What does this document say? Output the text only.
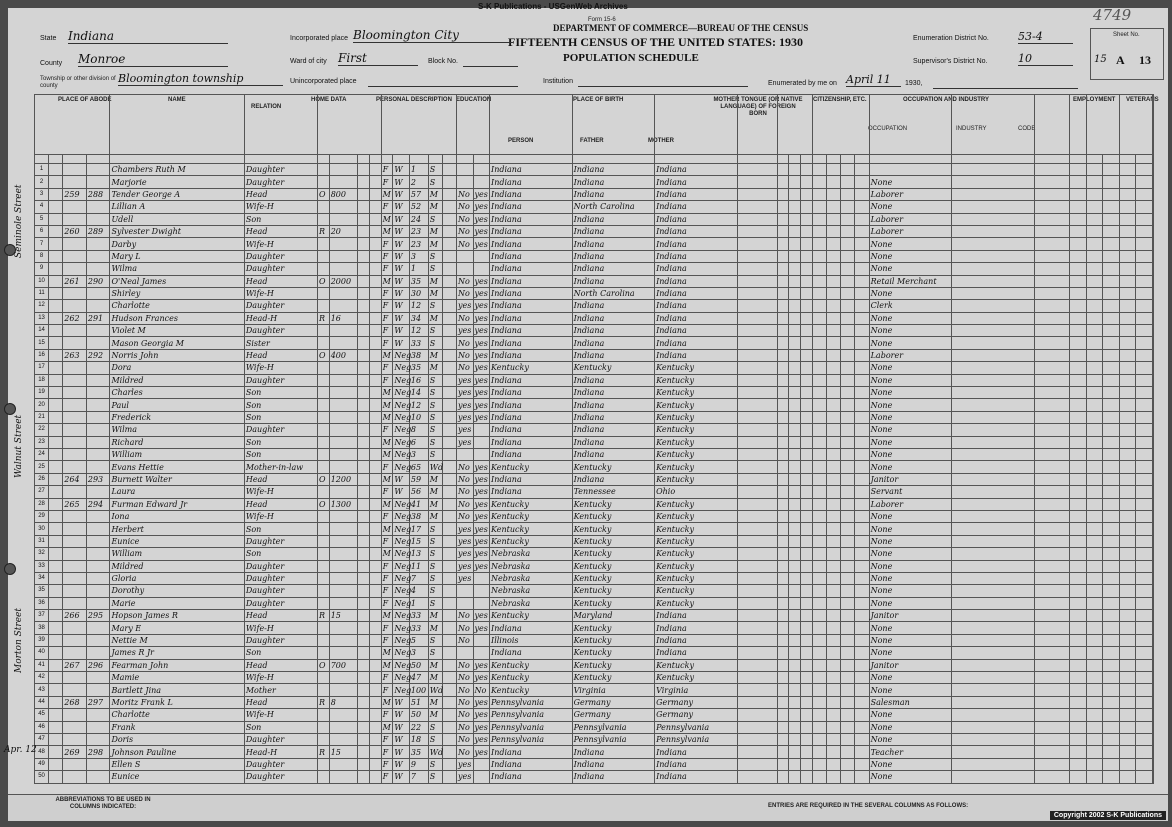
S-K Publications - USGenWeb Archives
Form 15-6
DEPARTMENT OF COMMERCE—BUREAU OF THE CENSUS
FIFTEENTH CENSUS OF THE UNITED STATES: 1930
POPULATION SCHEDULE
4749
State Indiana
County Monroe
Township or other division of county
Bloomington township
Incorporated place Bloomington City
Ward of city First	Block No.
Unincorporated place	Institution
Enumeration District No.	53-4
Supervisor's District No.	10
Enumerated by me on April 11	1930,
Sheet No.
15 A 13
PLACE OF ABODE	NAME
RELATION
HOME DATA	PERSONAL DESCRIPTION EDUCATION	PLACE OF BIRTH	MOTHER TONGUE (OR NATIVE LANGUAGE) OF FOREIGN BORN
CITIZENSHIP, ETC.	OCCUPATION AND INDUSTRY	EMPLOYMENT VETERANS
PERSON	FATHER	MOTHER
OCCUPATION	INDUSTRY	CODE

1				Chambers Ruth M	Daughter					F	W	1	S				Indiana	Indiana	Indiana																	
2				Marjorie	Daughter					F	W	2	S				Indiana	Indiana	Indiana									None								
3		259	288	Tender George A	Head	O	800			M	W	57	M		No	yes	Indiana	Indiana	Indiana									Laborer								
4				Lillian A	Wife-H					F	W	52	M		No	yes	Indiana	North Carolina	Indiana									None								
5				Udell	Son					M	W	24	S		No	yes	Indiana	Indiana	Indiana									Laborer								
6		260	289	Sylvester Dwight	Head	R	20			M	W	23	M		No	yes	Indiana	Indiana	Indiana									Laborer								
7				Darby	Wife-H					F	W	23	M		No	yes	Indiana	Indiana	Indiana									None								
8				Mary L	Daughter					F	W	3	S				Indiana	Indiana	Indiana									None								
9				Wilma	Daughter					F	W	1	S				Indiana	Indiana	Indiana									None								
10		261	290	O'Neal James	Head	O	2000			M	W	35	M		No	yes	Indiana	Indiana	Indiana									Retail Merchant								
11				Shirley	Wife-H					F	W	30	M		No	yes	Indiana	North Carolina	Indiana									None								
12				Charlotte	Daughter					F	W	12	S		yes	yes	Indiana	Indiana	Indiana									Clerk								
13		262	291	Hudson Frances	Head-H	R	16			F	W	34	M		No	yes	Indiana	Indiana	Indiana									None								
14				Violet M	Daughter					F	W	12	S		yes	yes	Indiana	Indiana	Indiana									None								
15				Mason Georgia M	Sister					F	W	33	S		No	yes	Indiana	Indiana	Indiana									None								
16		263	292	Norris John	Head	O	400			M	Neg	38	M		No	yes	Indiana	Indiana	Indiana									Laborer								
17				Dora	Wife-H					F	Neg	35	M		No	yes	Kentucky	Kentucky	Kentucky									None								
18				Mildred	Daughter					F	Neg	16	S		yes	yes	Indiana	Indiana	Kentucky									None								
19				Charles	Son					M	Neg	14	S		yes	yes	Indiana	Indiana	Kentucky									None								
20				Paul	Son					M	Neg	12	S		yes	yes	Indiana	Indiana	Kentucky									None								
21				Frederick	Son					M	Neg	10	S		yes	yes	Indiana	Indiana	Kentucky									None								
22				Wilma	Daughter					F	Neg	8	S		yes		Indiana	Indiana	Kentucky									None								
23				Richard	Son					M	Neg	6	S		yes		Indiana	Indiana	Kentucky									None								
24				William	Son					M	Neg	3	S				Indiana	Indiana	Kentucky									None								
25				Evans Hettie	Mother-in-law					F	Neg	65	Wd		No	yes	Kentucky	Kentucky	Kentucky									None								
26		264	293	Burnett Walter	Head	O	1200			M	W	59	M		No	yes	Indiana	Indiana	Kentucky									Janitor								
27				Laura	Wife-H					F	W	56	M		No	yes	Indiana	Tennessee	Ohio									Servant								
28		265	294	Furman Edward Jr	Head	O	1300			M	Neg	41	M		No	yes	Kentucky	Kentucky	Kentucky									Laborer								
29				Iona	Wife-H					F	Neg	38	M		No	yes	Kentucky	Kentucky	Kentucky									None								
30				Herbert	Son					M	Neg	17	S		yes	yes	Kentucky	Kentucky	Kentucky									None								
31				Eunice	Daughter					F	Neg	15	S		yes	yes	Kentucky	Kentucky	Kentucky									None								
32				William	Son					M	Neg	13	S		yes	yes	Nebraska	Kentucky	Kentucky									None								
33				Mildred	Daughter					F	Neg	11	S		yes	yes	Nebraska	Kentucky	Kentucky									None								
34				Gloria	Daughter					F	Neg	7	S		yes		Nebraska	Kentucky	Kentucky									None								
35				Dorothy	Daughter					F	Neg	4	S				Nebraska	Kentucky	Kentucky									None								
36				Marie	Daughter					F	Neg	1	S				Nebraska	Kentucky	Kentucky									None								
37		266	295	Hopson James R	Head	R	15			M	Neg	33	M		No	yes	Kentucky	Maryland	Indiana									Janitor								
38				Mary E	Wife-H					F	Neg	33	M		No	yes	Indiana	Kentucky	Indiana									None								
39				Nettie M	Daughter					F	Neg	5	S		No		Illinois	Kentucky	Indiana									None								
40				James R Jr	Son					M	Neg	3	S				Indiana	Kentucky	Indiana									None								
41		267	296	Fearman John	Head	O	700			M	Neg	50	M		No	yes	Kentucky	Kentucky	Kentucky									Janitor								
42				Mamie	Wife-H					F	Neg	47	M		No	yes	Kentucky	Kentucky	Kentucky									None								
43				Bartlett Jina	Mother					F	Neg	100	Wd		No	No	Kentucky	Virginia	Virginia									None								
44		268	297	Moritz Frank L	Head	R	8			M	W	51	M		No	yes	Pennsylvania	Germany	Germany									Salesman								
45				Charlotte	Wife-H					F	W	50	M		No	yes	Pennsylvania	Germany	Germany									None								
46				Frank	Son					M	W	22	S		No	yes	Pennsylvania	Pennsylvania	Pennsylvania									None								
47				Doris	Daughter					F	W	18	S		No	yes	Pennsylvania	Pennsylvania	Pennsylvania									None								
48		269	298	Johnson Pauline	Head-H	R	15			F	W	35	Wd		No	yes	Indiana	Indiana	Indiana									Teacher								
49				Ellen S	Daughter					F	W	9	S		yes		Indiana	Indiana	Indiana									None								
50				Eunice	Daughter					F	W	7	S		yes		Indiana	Indiana	Indiana									None								
Seminole Street
Walnut Street
Morton Street
Apr. 12
ABBREVIATIONS TO BE USED IN COLUMNS INDICATED:	ENTRIES ARE REQUIRED IN THE SEVERAL COLUMNS AS FOLLOWS:
Copyright 2002 S-K Publications
